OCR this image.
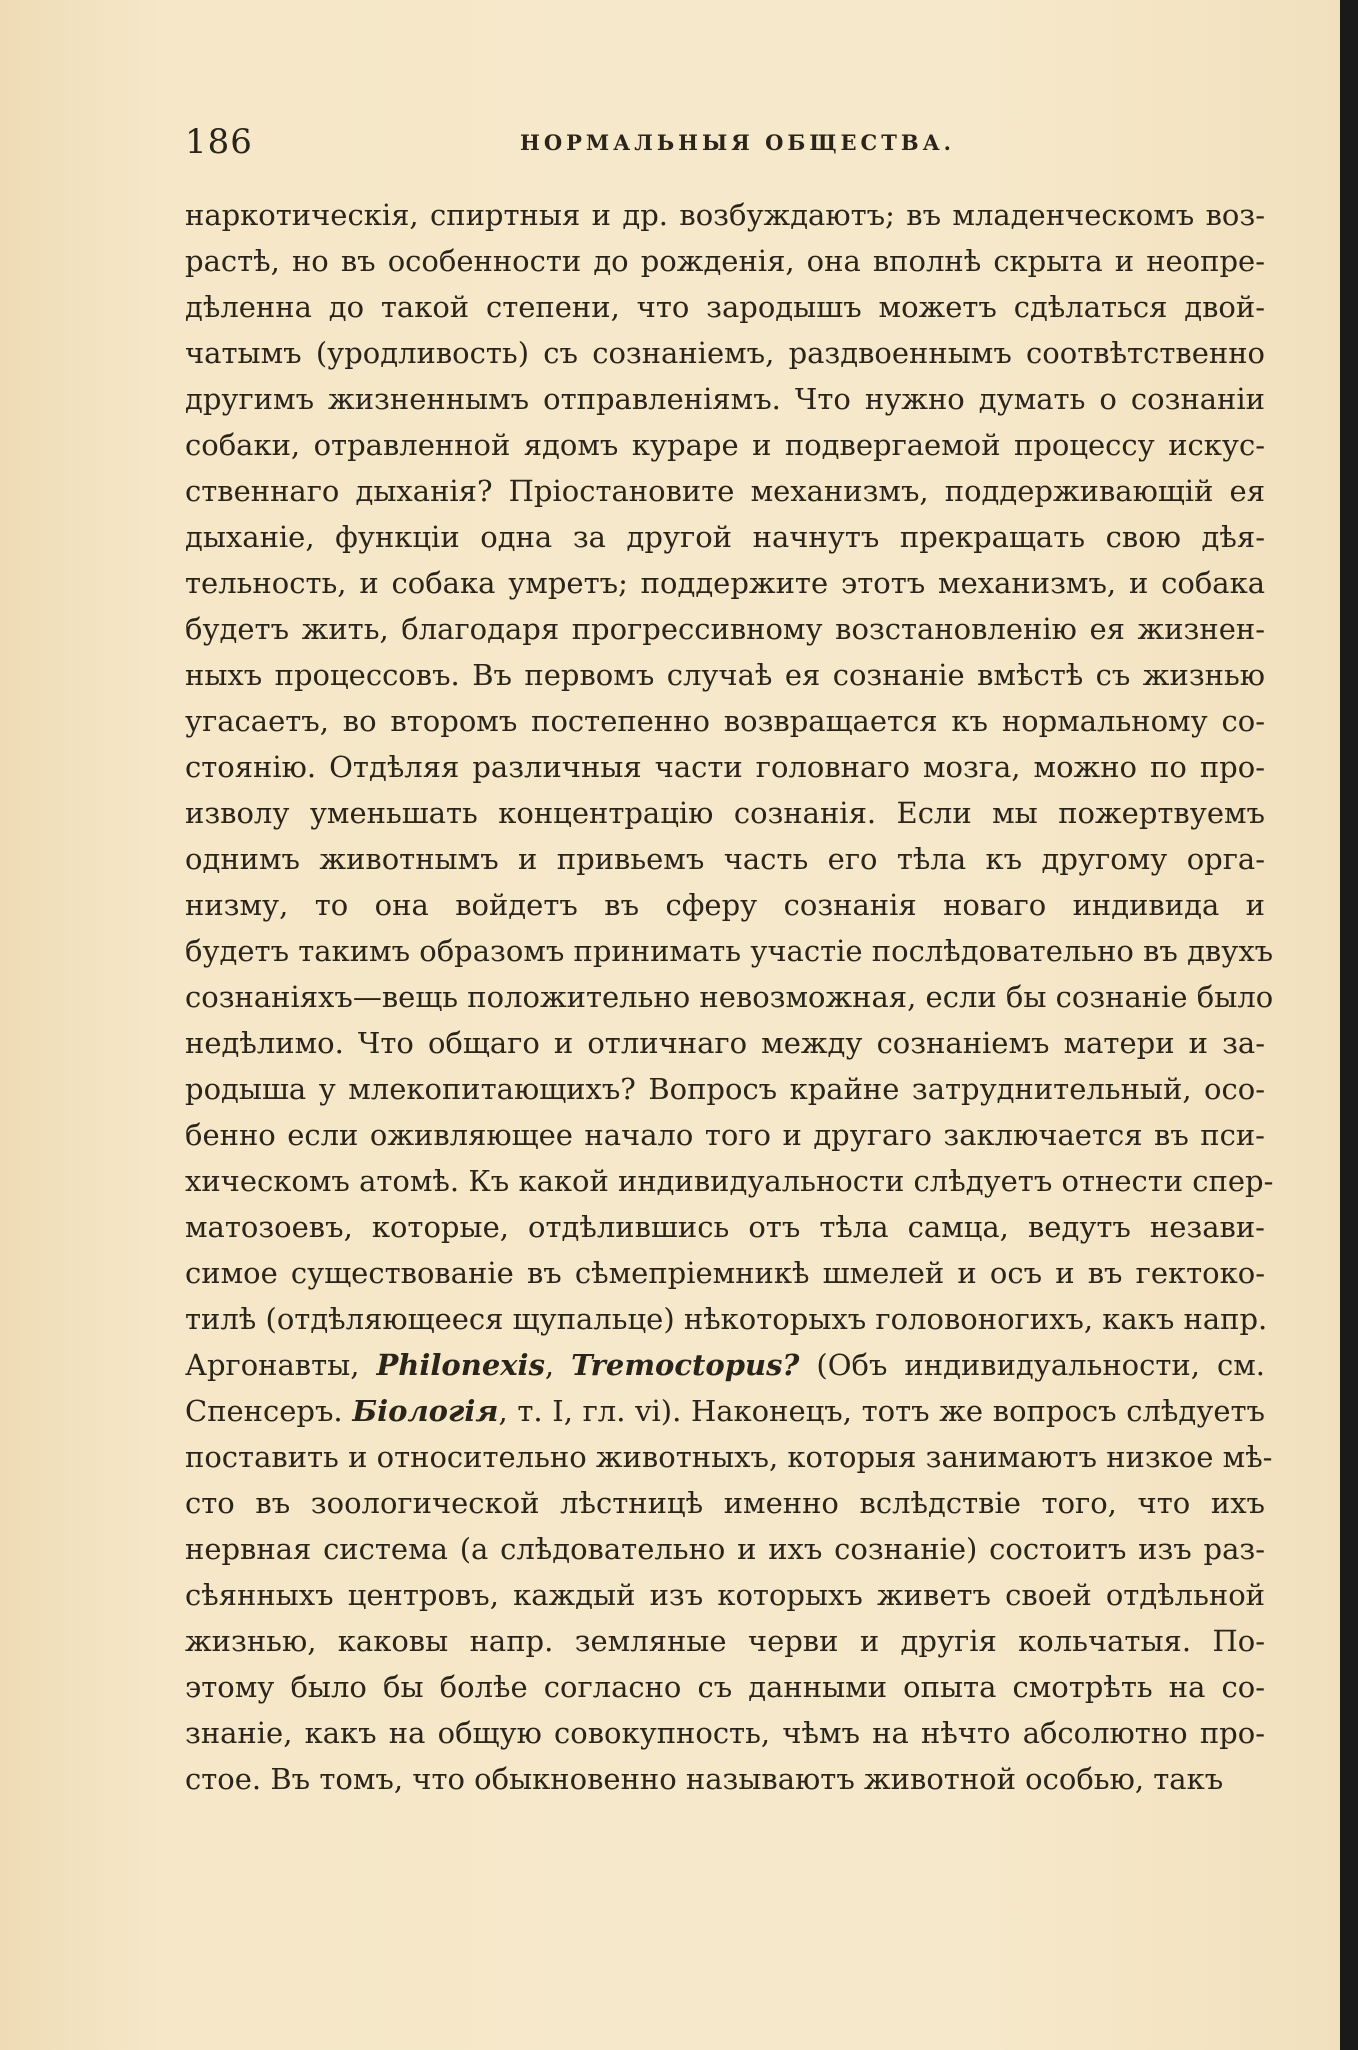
186	НОРМАЛЬНЫЯ ОБЩЕСТВА.
наркотическія, спиртныя и др. возбуждаютъ; въ младенческомъ воз-
растѣ, но въ особенности до рожденія, она вполнѣ скрыта и неопре-
дѣленна до такой степени, что зародышъ можетъ сдѣлаться двой-
чатымъ (уродливость) съ сознаніемъ, раздвоеннымъ соотвѣтственно
другимъ жизненнымъ отправленіямъ. Что нужно думать о сознаніи
собаки, отравленной ядомъ кураре и подвергаемой процессу искус-
ственнаго дыханія? Пріостановите механизмъ, поддерживающій ея
дыханіе, функціи одна за другой начнутъ прекращать свою дѣя-
тельность, и собака умретъ; поддержите этотъ механизмъ, и собака
будетъ жить, благодаря прогрессивному возстановленію ея жизнен-
ныхъ процессовъ. Въ первомъ случаѣ ея сознаніе вмѣстѣ съ жизнью
угасаетъ, во второмъ постепенно возвращается къ нормальному со-
стоянію. Отдѣляя различныя части головнаго мозга, можно по про-
изволу уменьшать концентрацію сознанія. Если мы пожертвуемъ
однимъ животнымъ и привьемъ часть его тѣла къ другому орга-
низму, то она войдетъ въ сферу сознанія новаго индивида и
будетъ такимъ образомъ принимать участіе послѣдовательно въ двухъ
сознаніяхъ—вещь положительно невозможная, если бы сознаніе было
недѣлимо. Что общаго и отличнаго между сознаніемъ матери и за-
родыша у млекопитающихъ? Вопросъ крайне затруднительный, осо-
бенно если оживляющее начало того и другаго заключается въ пси-
хическомъ атомѣ. Къ какой индивидуальности слѣдуетъ отнести спер-
матозоевъ, которые, отдѣлившись отъ тѣла самца, ведутъ незави-
симое существованіе въ сѣмепріемникѣ шмелей и осъ и въ гектоко-
тилѣ (отдѣляющееся щупальце) нѣкоторыхъ головоногихъ, какъ напр.
Аргонавты, Philonexis, Tremoctopus? (Объ индивидуальности, см.
Спенсеръ. Біологія, т. I, гл. vi). Наконецъ, тотъ же вопросъ слѣдуетъ
поставить и относительно животныхъ, которыя занимаютъ низкое мѣ-
сто въ зоологической лѣстницѣ именно вслѣдствіе того, что ихъ
нервная система (а слѣдовательно и ихъ сознаніе) состоитъ изъ раз-
сѣянныхъ центровъ, каждый изъ которыхъ живетъ своей отдѣльной
жизнью, каковы напр. земляные черви и другія кольчатыя. По-
этому было бы болѣе согласно съ данными опыта смотрѣть на со-
знаніе, какъ на общую совокупность, чѣмъ на нѣчто абсолютно про-
стое. Въ томъ, что обыкновенно называютъ животной особью, такъ
